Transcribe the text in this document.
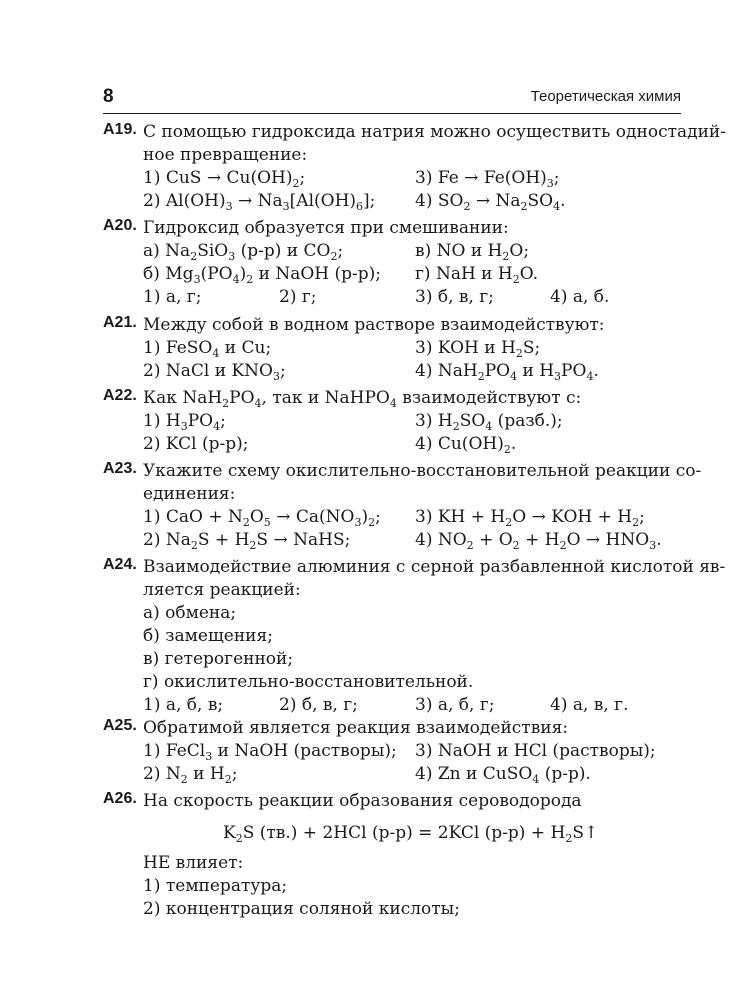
8	Теоретическая химия
A19. С помощью гидроксида натрия можно осуществить одностадий-
ное превращение:
1) CuS → $Cu(OH)_2$;	3) $Fe \to Fe(OH)_3$;
2) $Al(OH)_3 \to Na_3[Al(OH)_6]$; 4) $SO_2 \to Na_2SO_4$.
A20. Гидроксид образуется при смешивании:
а) $Na_2SiO_3$ (р-р) и $CO_2$;	в) NO и $H_2O$;
б) $Mg_3(PO_4)_2$ и NaOH (р-р); г) NaH и $H_2O$.
1) а, г;	2) г;	3) б, в, г;	4) а, б.
A21. Между собой в водном растворе взаимодействуют:
1) FeSO$_4$ и Cu;	3) KOH и $H_2S$;
2) NaCl и $KNO_3$;	4) $NaH_2PO_4$ и $H_3PO_4$.
A22. Как $NaH_2PO_4$, так и NaHPO$_4$ взаимодействуют с:
1) $H_3PO_4$;	3) $H_2SO_4$ (разб.);
2) KCl (р-р);	4) $Cu(OH)_2$.
A23. Укажите схему окислительно-восстановительной реакции со-
единения:
1) CaO + $N_2O_5 \to Ca(NO_3)_2$; 3) KH + $H_2O$ → KOH + $H_2$;
2) $Na_2S + H_2S$ → NaHS;	4) $NO_2 + O_2 + H_2O \to HNO_3$.
A24. Взаимодействие алюминия с серной разбавленной кислотой яв-
ляется реакцией:
а) обмена;
б) замещения;
в) гетерогенной;
г) окислительно-восстановительной.
1) а, б, в;	2) б, в, г;	3) а, б, г;	4) а, в, г.
A25. Обратимой является реакция взаимодействия:
1) FeCl$_3$ и NaOH (растворы); 3) NaOH и HCl (растворы);
2) $N_2$ и $H_2$;	4) Zn и CuSO$_4$ (р-р).
A26. На скорость реакции образования сероводорода
$K_2S$ (тв.) + 2HCl (р-р) = 2KCl $(р-р) + H_2S↑$
НЕ влияет:
1) температура;
2) концентрация соляной кислоты;
